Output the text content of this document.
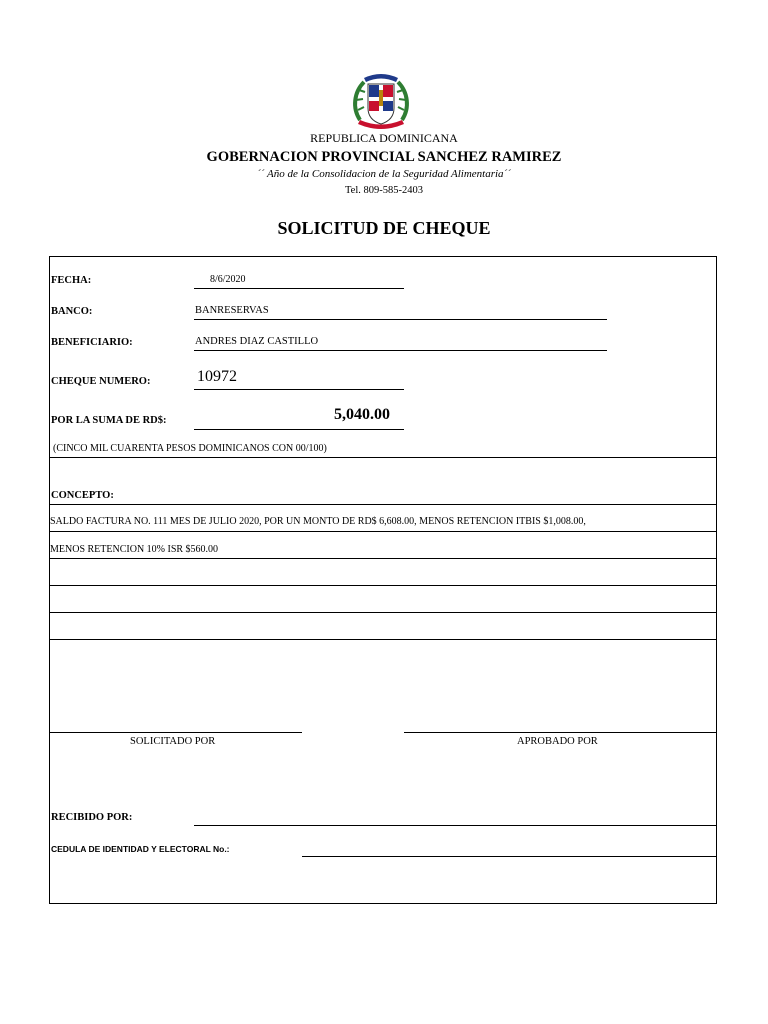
REPUBLICA DOMINICANA
GOBERNACION PROVINCIAL SANCHEZ RAMIREZ
´´ Año de la Consolidacion de la Seguridad Alimentaria´´
Tel. 809-585-2403
SOLICITUD DE CHEQUE
FECHA:	8/6/2020
BANCO:	BANRESERVAS
BENEFICIARIO:	ANDRES DIAZ CASTILLO
CHEQUE NUMERO:	10972
POR LA SUMA DE RD$:	5,040.00
(CINCO MIL CUARENTA PESOS DOMINICANOS CON 00/100)
CONCEPTO:
SALDO FACTURA NO. 111 MES DE JULIO 2020, POR UN MONTO DE RD$ 6,608.00, MENOS RETENCION ITBIS $1,008.00,
MENOS RETENCION 10% ISR $560.00
SOLICITADO POR	APROBADO POR
RECIBIDO POR:
CEDULA DE IDENTIDAD Y ELECTORAL No.:
